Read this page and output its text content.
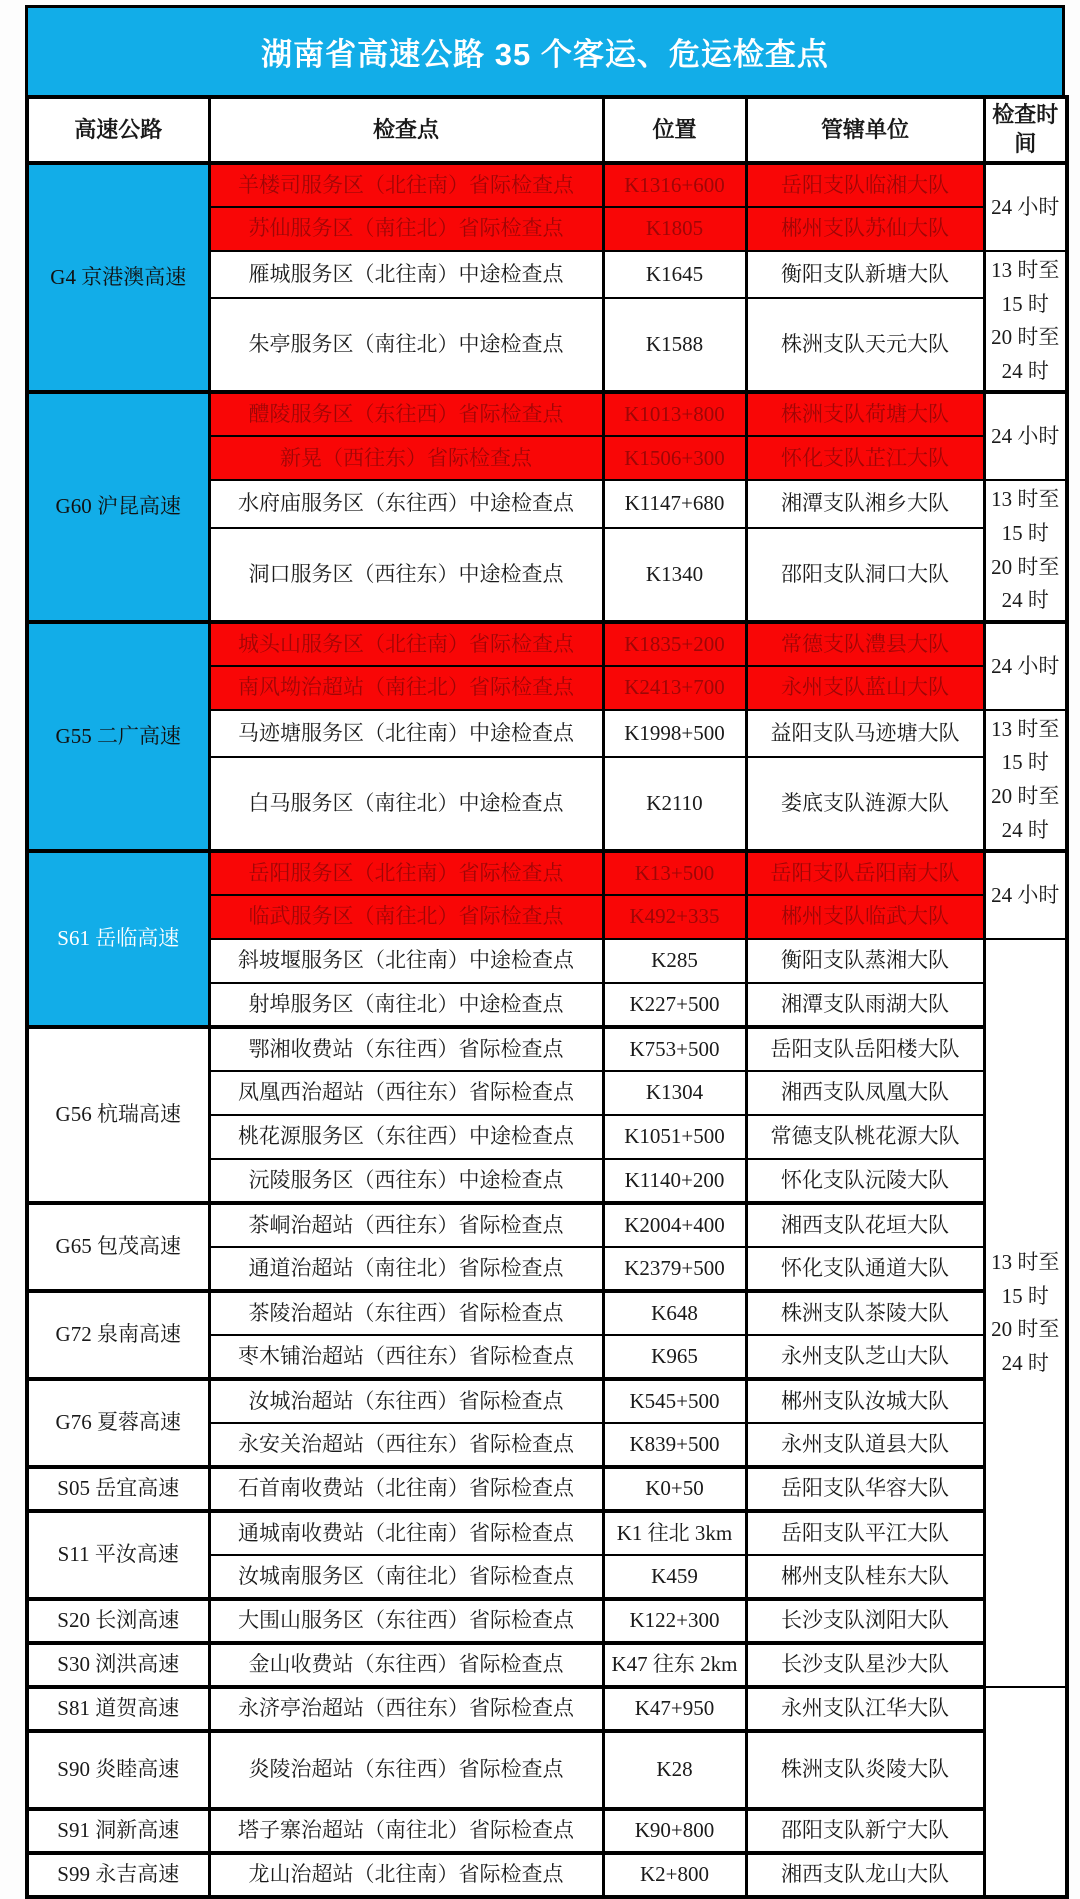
湖南省高速公路 35 个客运、危运检查点
高速公路	检查点	位置	管辖单位	检查时间
G4 京港澳高速	羊楼司服务区（北往南）省际检查点	K1316+600	岳阳支队临湘大队	24 小时
	苏仙服务区（南往北）省际检查点	K1805	郴州支队苏仙大队	
	雁城服务区（北往南）中途检查点	K1645	衡阳支队新塘大队	13 时至
15 时
20 时至
24 时

	朱亭服务区（南往北）中途检查点	K1588	株洲支队天元大队	
G60 沪昆高速	醴陵服务区（东往西）省际检查点	K1013+800	株洲支队荷塘大队	24 小时
	新晃（西往东）省际检查点	K1506+300	怀化支队芷江大队	
	水府庙服务区（东往西）中途检查点	K1147+680	湘潭支队湘乡大队	13 时至
15 时
20 时至
24 时

	洞口服务区（西往东）中途检查点	K1340	邵阳支队洞口大队	
G55 二广高速	城头山服务区（北往南）省际检查点	K1835+200	常德支队澧县大队	24 小时
	南风坳治超站（南往北）省际检查点	K2413+700	永州支队蓝山大队	
	马迹塘服务区（北往南）中途检查点	K1998+500	益阳支队马迹塘大队	13 时至
15 时
20 时至
24 时

	白马服务区（南往北）中途检查点	K2110	娄底支队涟源大队	
S61 岳临高速	岳阳服务区（北往南）省际检查点	K13+500	岳阳支队岳阳南大队	24 小时
	临武服务区（南往北）省际检查点	K492+335	郴州支队临武大队	
	斜坡堰服务区（北往南）中途检查点	K285	衡阳支队蒸湘大队	13 时至
15 时
20 时至
24 时

	射埠服务区（南往北）中途检查点	K227+500	湘潭支队雨湖大队	
G56 杭瑞高速	鄂湘收费站（东往西）省际检查点	K753+500	岳阳支队岳阳楼大队	
	凤凰西治超站（西往东）省际检查点	K1304	湘西支队凤凰大队	
	桃花源服务区（东往西）中途检查点	K1051+500	常德支队桃花源大队	
	沅陵服务区（西往东）中途检查点	K1140+200	怀化支队沅陵大队	
G65 包茂高速	茶峒治超站（西往东）省际检查点	K2004+400	湘西支队花垣大队	
	通道治超站（南往北）省际检查点	K2379+500	怀化支队通道大队	
G72 泉南高速	茶陵治超站（东往西）省际检查点	K648	株洲支队茶陵大队	
	枣木铺治超站（西往东）省际检查点	K965	永州支队芝山大队	
G76 夏蓉高速	汝城治超站（东往西）省际检查点	K545+500	郴州支队汝城大队	
	永安关治超站（西往东）省际检查点	K839+500	永州支队道县大队	
S05 岳宜高速	石首南收费站（北往南）省际检查点	K0+50	岳阳支队华容大队	
S11 平汝高速	通城南收费站（北往南）省际检查点	K1 往北 3km	岳阳支队平江大队	
	汝城南服务区（南往北）省际检查点	K459	郴州支队桂东大队	
S20 长浏高速	大围山服务区（东往西）省际检查点	K122+300	长沙支队浏阳大队	
S30 浏洪高速	金山收费站（东往西）省际检查点	K47 往东 2km	长沙支队星沙大队	
S81 道贺高速	永济亭治超站（西往东）省际检查点	K47+950	永州支队江华大队	
S90 炎睦高速	炎陵治超站（东往西）省际检查点	K28	株洲支队炎陵大队	
S91 洞新高速	塔子寨治超站（南往北）省际检查点	K90+800	邵阳支队新宁大队	
S99 永吉高速	龙山治超站（北往南）省际检查点	K2+800	湘西支队龙山大队	
